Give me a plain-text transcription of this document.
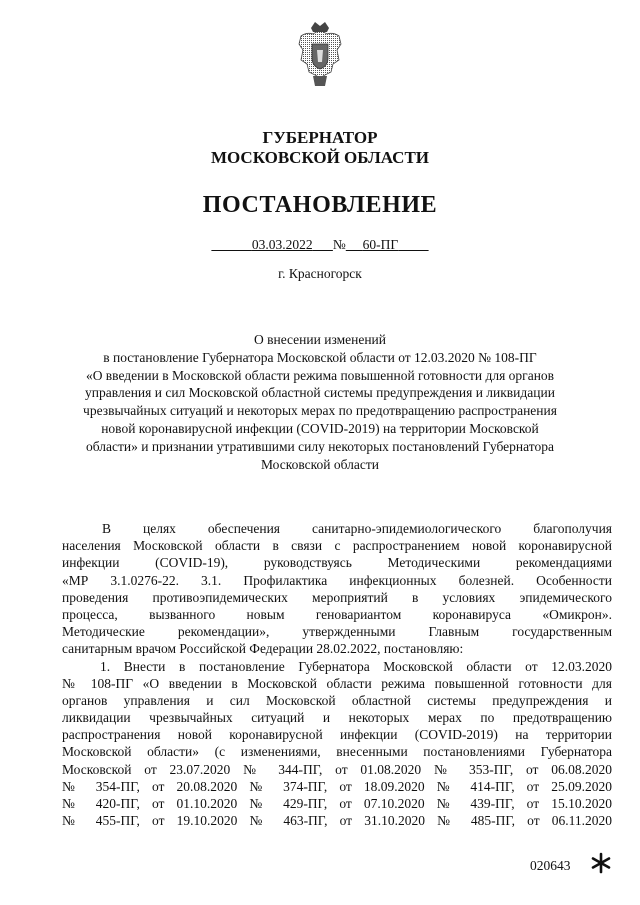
ГУБЕРНАТОР
МОСКОВСКОЙ ОБЛАСТИ
ПОСТАНОВЛЕНИЕ
03.03.2022 № 60-ПГ
г. Красногорск
О внесении изменений
в постановление Губернатора Московской области от 12.03.2020 № 108-ПГ
«О введении в Московской области режима повышенной готовности для органов
управления и сил Московской областной системы предупреждения и ликвидации
чрезвычайных ситуаций и некоторых мерах по предотвращению распространения
новой коронавирусной инфекции (COVID-2019) на территории Московской
области» и признании утратившими силу некоторых постановлений Губернатора
Московской области
В целях обеспечения санитарно-эпидемиологического благополучия
населения Московской области в связи с распространением новой коронавирусной
инфекции (COVID-19), руководствуясь Методическими рекомендациями
«МР 3.1.0276-22. 3.1. Профилактика инфекционных болезней. Особенности
проведения противоэпидемических мероприятий в условиях эпидемического
процесса, вызванного новым геновариантом коронавируса «Омикрон».
Методические рекомендации», утвержденными Главным государственным
санитарным врачом Российской Федерации 28.02.2022, постановляю:
1. Внести в постановление Губернатора Московской области от 12.03.2020
№ 108-ПГ «О введении в Московской области режима повышенной готовности для
органов управления и сил Московской областной системы предупреждения и
ликвидации чрезвычайных ситуаций и некоторых мерах по предотвращению
распространения новой коронавирусной инфекции (COVID-2019) на территории
Московской области» (с изменениями, внесенными постановлениями Губернатора
Московской от 23.07.2020 № 344-ПГ, от 01.08.2020 № 353-ПГ, от 06.08.2020
№ 354-ПГ, от 20.08.2020 № 374-ПГ, от 18.09.2020 № 414-ПГ, от 25.09.2020
№ 420-ПГ, от 01.10.2020 № 429-ПГ, от 07.10.2020 № 439-ПГ, от 15.10.2020
№ 455-ПГ, от 19.10.2020 № 463-ПГ, от 31.10.2020 № 485-ПГ, от 06.11.2020
020643
